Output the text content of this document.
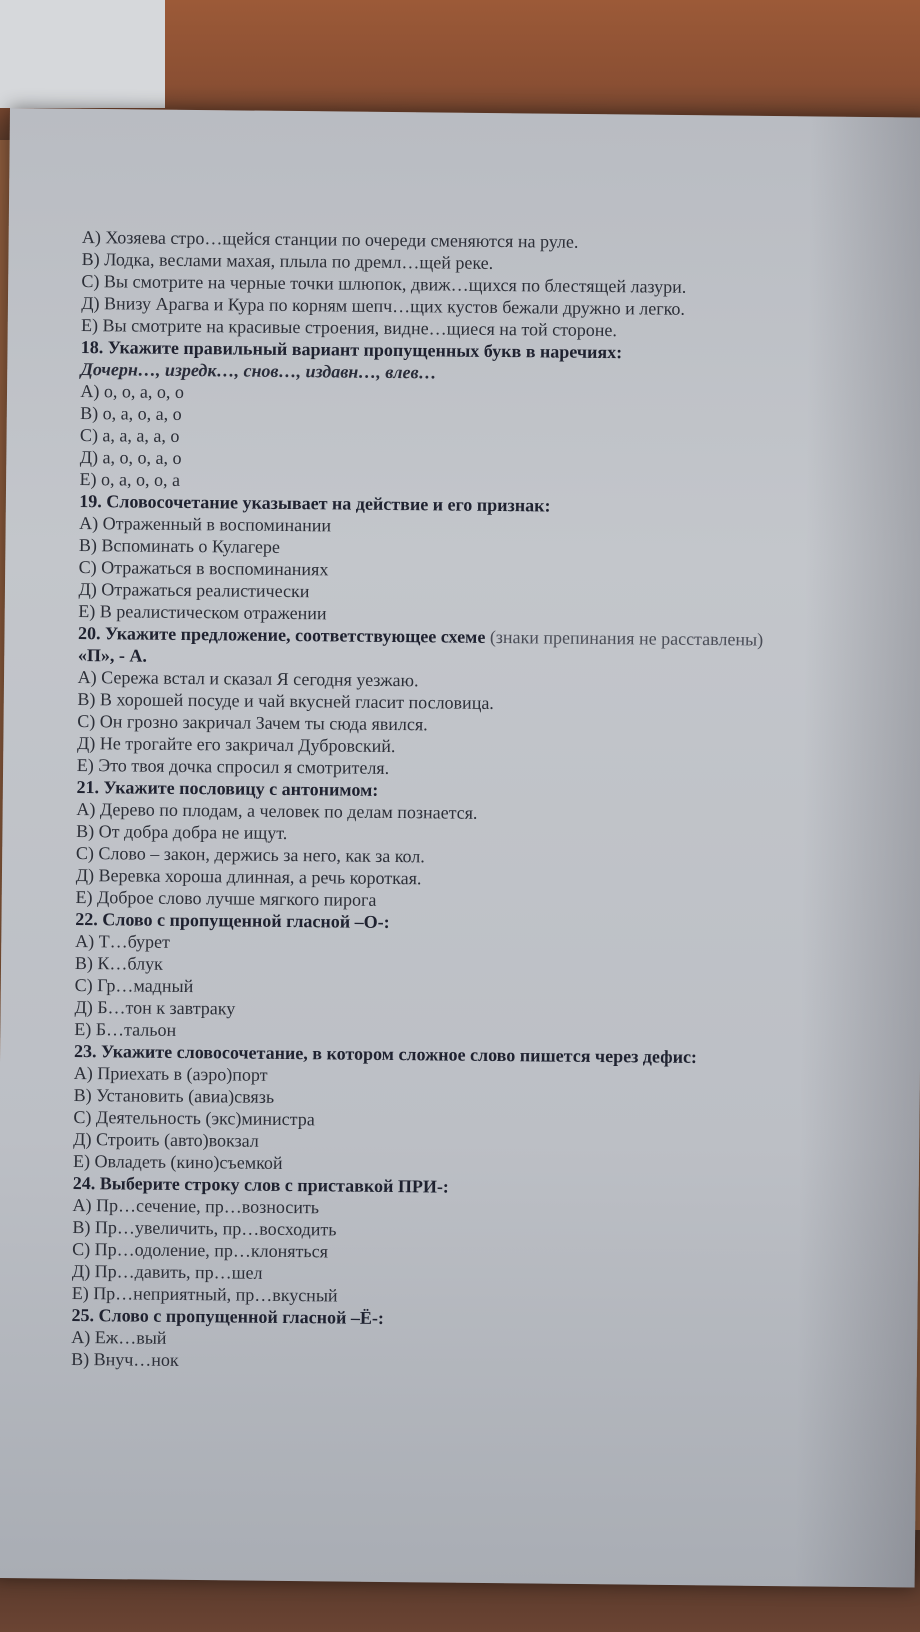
А) Хозяева стро…щейся станции по очереди сменяются на руле.
В) Лодка, веслами махая, плыла по дремл…щей реке.
С) Вы смотрите на черные точки шлюпок, движ…щихся по блестящей лазури.
Д) Внизу Арагва и Кура по корням шепч…щих кустов бежали дружно и легко.
Е) Вы смотрите на красивые строения, видне…щиеся на той стороне.
18. Укажите правильный вариант пропущенных букв в наречиях:
Дочерн…, изредк…, снов…, издавн…, влев…
А) о, о, а, о, о
В) о, а, о, а, о
С) а, а, а, а, о
Д) а, о, о, а, о
Е) о, а, о, о, а
19. Словосочетание указывает на действие и его признак:
А) Отраженный в воспоминании
В) Вспоминать о Кулагере
С) Отражаться в воспоминаниях
Д) Отражаться реалистически
Е) В реалистическом отражении
20. Укажите предложение, соответствующее схеме (знаки препинания не расставлены)
«П», - А.
А) Сережа встал и сказал Я сегодня уезжаю.
В) В хорошей посуде и чай вкусней гласит пословица.
С) Он грозно закричал Зачем ты сюда явился.
Д) Не трогайте его закричал Дубровский.
Е) Это твоя дочка спросил я смотрителя.
21. Укажите пословицу с антонимом:
А) Дерево по плодам, а человек по делам познается.
В) От добра добра не ищут.
С) Слово – закон, держись за него, как за кол.
Д) Веревка хороша длинная, а речь короткая.
Е) Доброе слово лучше мягкого пирога
22. Слово с пропущенной гласной –О-:
А) Т…бурет
В) К…блук
С) Гр…мадный
Д) Б…тон к завтраку
Е) Б…тальон
23. Укажите словосочетание, в котором сложное слово пишется через дефис:
А) Приехать в (аэро)порт
В) Установить (авиа)связь
С) Деятельность (экс)министра
Д) Строить (авто)вокзал
Е) Овладеть (кино)съемкой
24. Выберите строку слов с приставкой ПРИ-:
А) Пр…сечение, пр…возносить
В) Пр…увеличить, пр…восходить
С) Пр…одоление, пр…клоняться
Д) Пр…давить, пр…шел
Е) Пр…неприятный, пр…вкусный
25. Слово с пропущенной гласной –Ё-:
А) Еж…вый
В) Внуч…нок
